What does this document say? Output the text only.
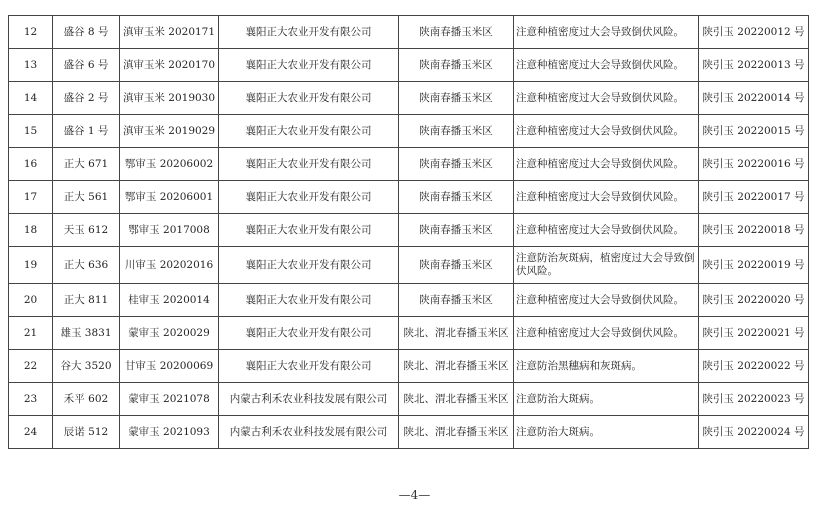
12	盛谷 8 号	滇审玉米 2020171	襄阳正大农业开发有限公司	陕南春播玉米区	注意种植密度过大会导致倒伏风险。	陕引玉 20220012 号
13	盛谷 6 号	滇审玉米 2020170	襄阳正大农业开发有限公司	陕南春播玉米区	注意种植密度过大会导致倒伏风险。	陕引玉 20220013 号
14	盛谷 2 号	滇审玉米 2019030	襄阳正大农业开发有限公司	陕南春播玉米区	注意种植密度过大会导致倒伏风险。	陕引玉 20220014 号
15	盛谷 1 号	滇审玉米 2019029	襄阳正大农业开发有限公司	陕南春播玉米区	注意种植密度过大会导致倒伏风险。	陕引玉 20220015 号
16	正大 671	鄂审玉 20206002	襄阳正大农业开发有限公司	陕南春播玉米区	注意种植密度过大会导致倒伏风险。	陕引玉 20220016 号
17	正大 561	鄂审玉 20206001	襄阳正大农业开发有限公司	陕南春播玉米区	注意种植密度过大会导致倒伏风险。	陕引玉 20220017 号
18	天玉 612	鄂审玉 2017008	襄阳正大农业开发有限公司	陕南春播玉米区	注意种植密度过大会导致倒伏风险。	陕引玉 20220018 号
19	正大 636	川审玉 20202016	襄阳正大农业开发有限公司	陕南春播玉米区	注意防治灰斑病，植密度过大会导致倒伏风险。	陕引玉 20220019 号
20	正大 811	桂审玉 2020014	襄阳正大农业开发有限公司	陕南春播玉米区	注意种植密度过大会导致倒伏风险。	陕引玉 20220020 号
21	雄玉 3831	蒙审玉 2020029	襄阳正大农业开发有限公司	陕北、渭北春播玉米区	注意种植密度过大会导致倒伏风险。	陕引玉 20220021 号
22	谷大 3520	甘审玉 20200069	襄阳正大农业开发有限公司	陕北、渭北春播玉米区	注意防治黑穗病和灰斑病。	陕引玉 20220022 号
23	禾平 602	蒙审玉 2021078	内蒙古利禾农业科技发展有限公司	陕北、渭北春播玉米区	注意防治大斑病。	陕引玉 20220023 号
24	辰诺 512	蒙审玉 2021093	内蒙古利禾农业科技发展有限公司	陕北、渭北春播玉米区	注意防治大斑病。	陕引玉 20220024 号
—4—
